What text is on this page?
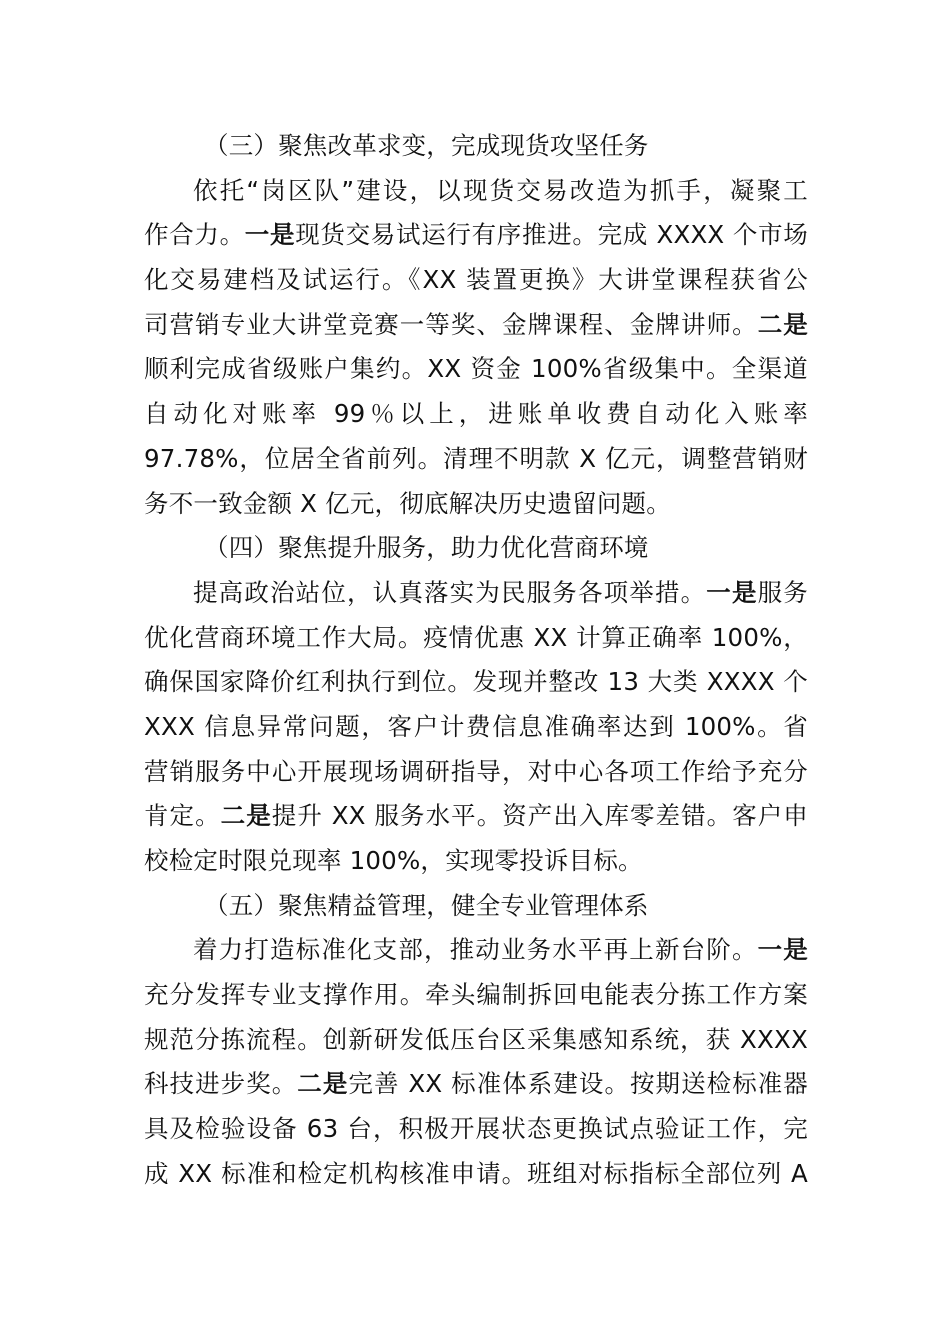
（三）聚焦改革求变，完成现货攻坚任务
依托“岗区队”建设，以现货交易改造为抓手，凝聚工
作合力。一是现货交易试运行有序推进。完成 XXXX 个市场
化交易建档及试运行。《XX 装置更换》大讲堂课程获省公
司营销专业大讲堂竞赛一等奖、金牌课程、金牌讲师。二是
顺利完成省级账户集约。XX 资金 100%省级集中。全渠道
自动化对账率 99％以上，进账单收费自动化入账率
97.78%，位居全省前列。清理不明款 X 亿元，调整营销财
务不一致金额 X 亿元，彻底解决历史遗留问题。
（四）聚焦提升服务，助力优化营商环境
提高政治站位，认真落实为民服务各项举措。一是服务
优化营商环境工作大局。疫情优惠 XX 计算正确率 100%，
确保国家降价红利执行到位。发现并整改 13 大类 XXXX 个
XXX 信息异常问题，客户计费信息准确率达到 100%。省
营销服务中心开展现场调研指导，对中心各项工作给予充分
肯定。二是提升 XX 服务水平。资产出入库零差错。客户申
校检定时限兑现率 100%，实现零投诉目标。
（五）聚焦精益管理，健全专业管理体系
着力打造标准化支部，推动业务水平再上新台阶。一是
充分发挥专业支撑作用。牵头编制拆回电能表分拣工作方案
规范分拣流程。创新研发低压台区采集感知系统，获 XXXX
科技进步奖。二是完善 XX 标准体系建设。按期送检标准器
具及检验设备 63 台，积极开展状态更换试点验证工作，完
成 XX 标准和检定机构核准申请。班组对标指标全部位列 A
